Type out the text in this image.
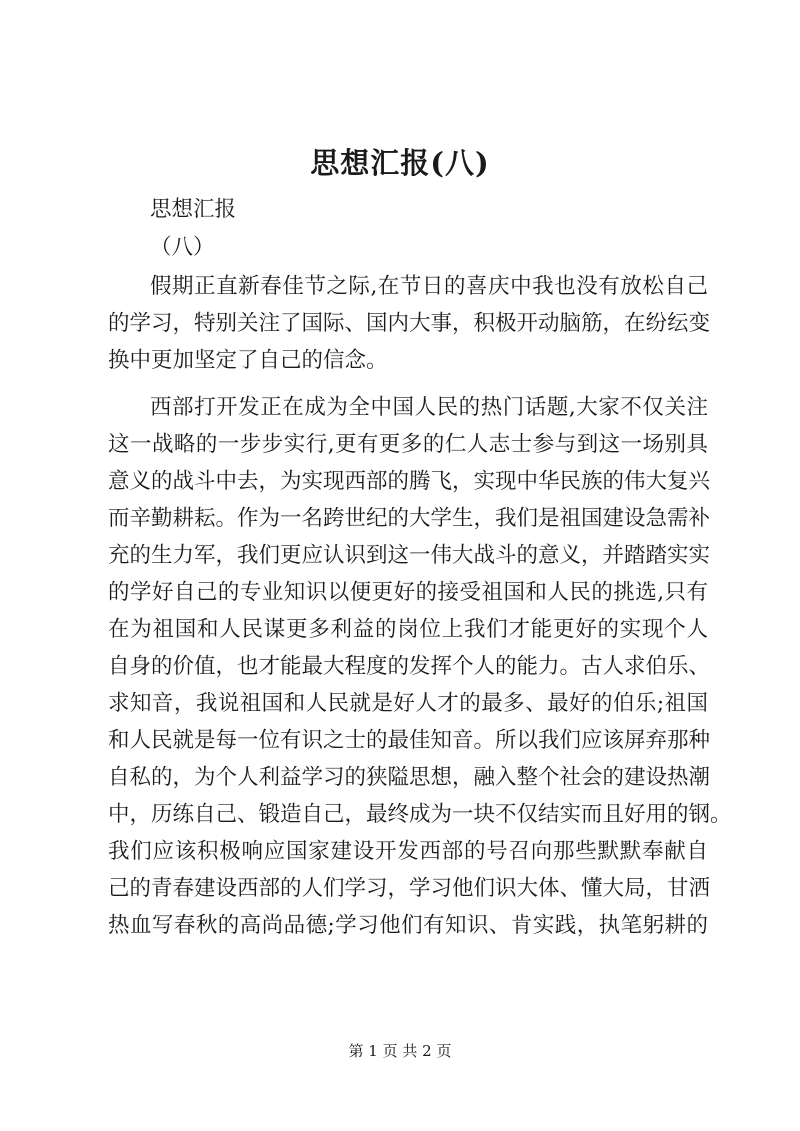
思想汇报(八)
思想汇报
（八）
假期正直新春佳节之际,在节日的喜庆中我也没有放松自己
的学习，特别关注了国际、国内大事，积极开动脑筋，在纷纭变
换中更加坚定了自己的信念。
西部打开发正在成为全中国人民的热门话题,大家不仅关注
这一战略的一步步实行,更有更多的仁人志士参与到这一场别具
意义的战斗中去，为实现西部的腾飞，实现中华民族的伟大复兴
而辛勤耕耘。作为一名跨世纪的大学生，我们是祖国建设急需补
充的生力军，我们更应认识到这一伟大战斗的意义，并踏踏实实
的学好自己的专业知识以便更好的接受祖国和人民的挑选,只有
在为祖国和人民谋更多利益的岗位上我们才能更好的实现个人
自身的价值，也才能最大程度的发挥个人的能力。古人求伯乐、
求知音，我说祖国和人民就是好人才的最多、最好的伯乐;祖国
和人民就是每一位有识之士的最佳知音。所以我们应该屏弃那种
自私的，为个人利益学习的狭隘思想，融入整个社会的建设热潮
中，历练自己、锻造自己，最终成为一块不仅结实而且好用的钢。
我们应该积极响应国家建设开发西部的号召向那些默默奉献自
己的青春建设西部的人们学习，学习他们识大体、懂大局，甘洒
热血写春秋的高尚品德;学习他们有知识、肯实践，执笔躬耕的
第 1 页 共 2 页
